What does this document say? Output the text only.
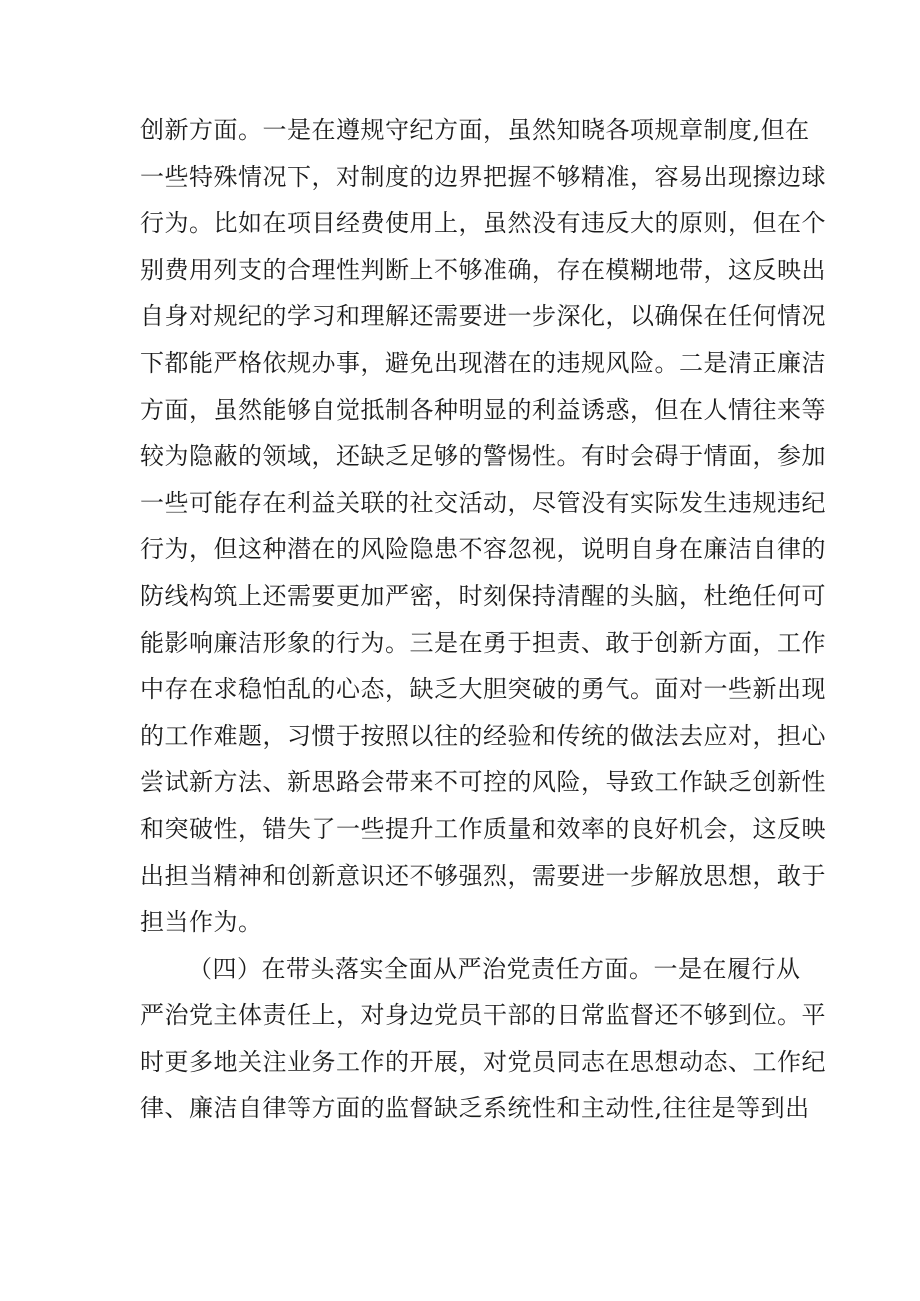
创新方面。一是在遵规守纪方面，虽然知晓各项规章制度,但在
一些特殊情况下，对制度的边界把握不够精准，容易出现擦边球
行为。比如在项目经费使用上，虽然没有违反大的原则，但在个
别费用列支的合理性判断上不够准确，存在模糊地带，这反映出
自身对规纪的学习和理解还需要进一步深化，以确保在任何情况
下都能严格依规办事，避免出现潜在的违规风险。二是清正廉洁
方面，虽然能够自觉抵制各种明显的利益诱惑，但在人情往来等
较为隐蔽的领域，还缺乏足够的警惕性。有时会碍于情面，参加
一些可能存在利益关联的社交活动，尽管没有实际发生违规违纪
行为，但这种潜在的风险隐患不容忽视，说明自身在廉洁自律的
防线构筑上还需要更加严密，时刻保持清醒的头脑，杜绝任何可
能影响廉洁形象的行为。三是在勇于担责、敢于创新方面，工作
中存在求稳怕乱的心态，缺乏大胆突破的勇气。面对一些新出现
的工作难题，习惯于按照以往的经验和传统的做法去应对，担心
尝试新方法、新思路会带来不可控的风险，导致工作缺乏创新性
和突破性，错失了一些提升工作质量和效率的良好机会，这反映
出担当精神和创新意识还不够强烈，需要进一步解放思想，敢于
担当作为。
（四）在带头落实全面从严治党责任方面。一是在履行从
严治党主体责任上，对身边党员干部的日常监督还不够到位。平
时更多地关注业务工作的开展，对党员同志在思想动态、工作纪
律、廉洁自律等方面的监督缺乏系统性和主动性,往往是等到出
